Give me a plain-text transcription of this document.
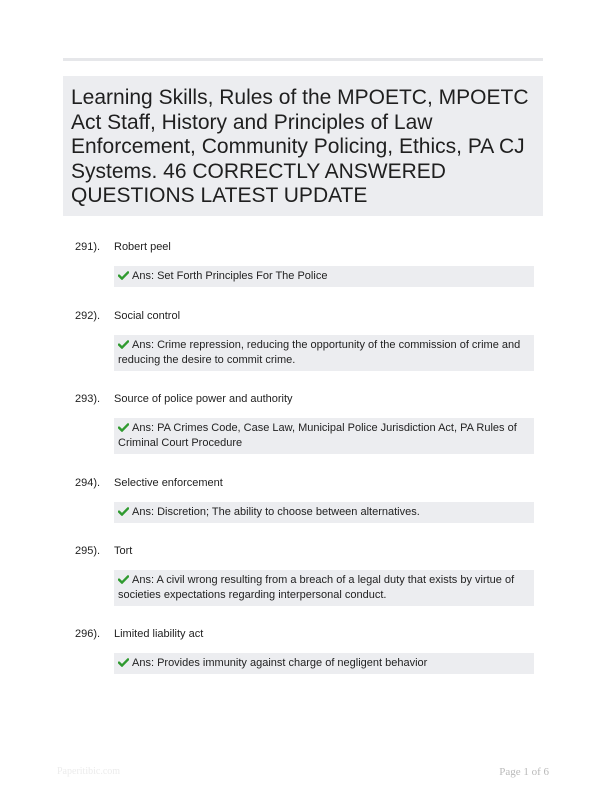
Learning Skills, Rules of the MPOETC, MPOETC Act Staff, History and Principles of Law Enforcement, Community Policing, Ethics, PA CJ Systems. 46 CORRECTLY ANSWERED QUESTIONS LATEST UPDATE
291).	Robert peel
Ans: Set Forth Principles For The Police
292).	Social control
Ans: Crime repression, reducing the opportunity of the commission of crime and reducing the desire to commit crime.
293).	Source of police power and authority
Ans: PA Crimes Code, Case Law, Municipal Police Jurisdiction Act, PA Rules of Criminal Court Procedure
294).	Selective enforcement
Ans: Discretion; The ability to choose between alternatives.
295).	Tort
Ans: A civil wrong resulting from a breach of a legal duty that exists by virtue of societies expectations regarding interpersonal conduct.
296).	Limited liability act
Ans: Provides immunity against charge of negligent behavior
Paperitibic.com	Page 1 of 6
